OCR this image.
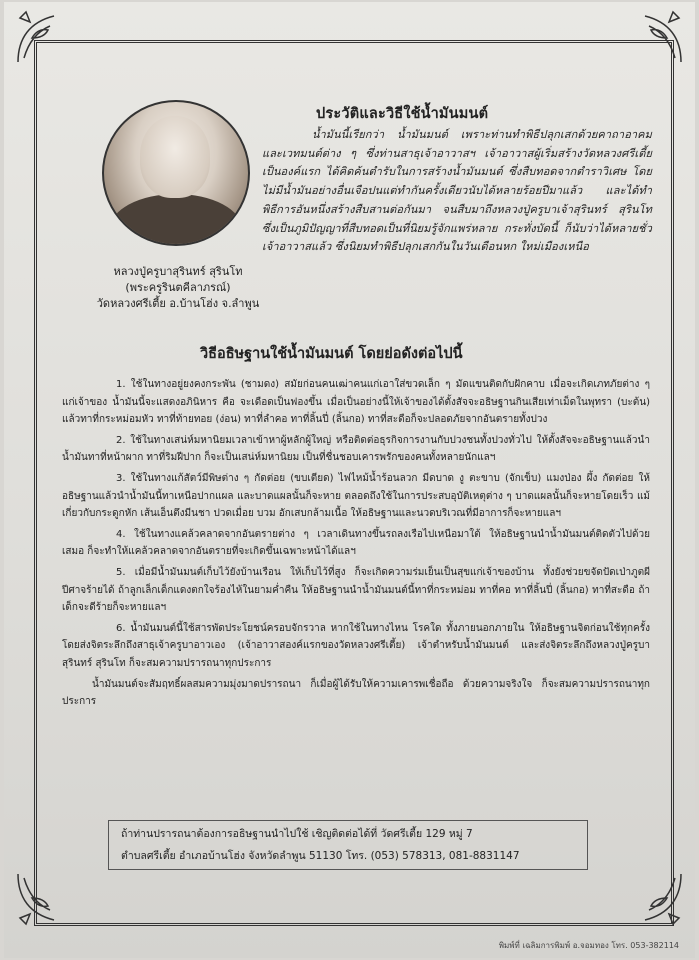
หลวงปู่ครูบาสุรินทร์ สุรินโท
(พระครูรินตคีลาภรณ์)
วัดหลวงศรีเตี้ย อ.บ้านโฮ่ง จ.ลำพูน
ประวัติและวิธีใช้น้ำมันมนต์
น้ำมันนี้เรียกว่า น้ำมันมนต์ เพราะท่านทำพิธีปลุกเสกด้วยคาถาอาคม และเวทมนต์ต่าง ๆ ซึ่งท่านสาธุเจ้าอาวาสฯ เจ้าอาวาสผู้เริ่มสร้างวัดหลวงศรีเตี้ยเป็นองค์แรก ได้คิดค้นตำรับในการสร้างน้ำมันมนต์ ซึ่งสืบทอดจากตำราวิเศษ โดยไม่มีน้ำมันอย่างอื่นเจือปนแต่ทำกันครั้งเดียวนับได้หลายร้อยปีมาแล้ว และได้ทำพิธีการอันหนึ่งสร้างสืบสานต่อกันมา จนสืบมาถึงหลวงปู่ครูบาเจ้าสุรินทร์ สุรินโท ซึ่งเป็นภูมิปัญญาที่สืบทอดเป็นที่นิยมรู้จักแพร่หลาย กระทั่งบัดนี้ ก็นับว่าได้หลายชั่วเจ้าอาวาสแล้ว ซึ่งนิยมทำพิธีปลุกเสกกันในวันเดือนหก ใหม่เมืองเหนือ
วิธีอธิษฐานใช้น้ำมันมนต์ โดยย่อดังต่อไปนี้

1. ใช้ในทางอยู่ยงคงกระพัน (ชามดง) สมัยก่อนคนเฒ่าคนแก่เอาใส่ขวดเล็ก ๆ มัดแขนติดกับฝักคาบ เมื่อจะเกิดเภทภัยต่าง ๆ แก่เจ้าของ น้ำมันนี้จะแสดงอภินิหาร คือ จะเดือดเป็นฟองขึ้น เมื่อเป็นอย่างนี้ให้เจ้าของได้ตั้งสัจจะอธิษฐานกินเสียเท่าเม็ดในพุทรา (บะต้น) แล้วทาที่กระหม่อมหัว ทาที่ท้ายทอย (ง่อน) ทาที่ลำคอ ทาที่ลิ้นปี่ (ลิ้นกอ) ทาที่สะดือก็จะปลอดภัยจากอันตรายทั้งปวง

2. ใช้ในทางเสน่ห์มหานิยมเวลาเข้าหาผู้หลักผู้ใหญ่ หรือติดต่อธุรกิจการงานกับปวงชนทั้งปวงทั่วไป ให้ตั้งสัจจะอธิษฐานแล้วนำน้ำมันทาที่หน้าผาก ทาที่ริมฝีปาก ก็จะเป็นเสน่ห์มหานิยม เป็นที่ชื่นชอบเคารพรักของคนทั้งหลายนักแลฯ

3. ใช้ในทางแก้สัตว์มีพิษต่าง ๆ กัดต่อย (ขบเตียด) ไฟไหม้น้ำร้อนลวก มีดบาด งู ตะขาบ (จักเข็บ) แมงป่อง ผึ้ง กัดต่อย ให้อธิษฐานแล้วนำน้ำมันนี้ทาเหนือปากแผล และบาดแผลนั้นก็จะหาย ตลอดถึงใช้ในการประสบอุบัติเหตุต่าง ๆ บาดแผลนั้นก็จะหายโดยเร็ว แม้เกี่ยวกับกระดูกหัก เส้นเอ็นตึงมีนชา ปวดเมื่อย บวม อักเสบกล้ามเนื้อ ให้อธิษฐานและนวดบริเวณที่มีอาการก็จะหายแลฯ

4. ใช้ในทางแคล้วคลาดจากอันตรายต่าง ๆ เวลาเดินทางขึ้นรถลงเรือไปเหนือมาใต้ ให้อธิษฐานนำน้ำมันมนต์ติดตัวไปด้วยเสมอ ก็จะทำให้แคล้วคลาดจากอันตรายที่จะเกิดขึ้นเฉพาะหน้าได้แลฯ

5. เมื่อมีน้ำมันมนต์เก็บไว้ยังบ้านเรือน ให้เก็บไว้ที่สูง ก็จะเกิดความร่มเย็นเป็นสุขแก่เจ้าของบ้าน ทั้งยังช่วยขจัดปัดเป่าภูตผีปีศาจร้ายได้ ถ้าลูกเล็กเด็กแดงตกใจร้องไห้ในยามค่ำคืน ให้อธิษฐานนำน้ำมันมนต์นี้ทาที่กระหม่อม ทาที่คอ ทาที่ลิ้นปี่ (ลิ้นกอ) ทาที่สะดือ ถ้าเด็กจะดีร้ายก็จะหายแลฯ

6. น้ำมันมนต์นี้ใช้สารพัดประโยชน์ครอบจักรวาล หากใช้ในทางไหน โรคใด ทั้งภายนอกภายใน ให้อธิษฐานจิตก่อนใช้ทุกครั้ง โดยส่งจิตระลึกถึงสาธุเจ้าครูบาอาวเอง (เจ้าอาวาสองค์แรกของวัดหลวงศรีเตี้ย) เจ้าตำหรับน้ำมันมนต์ และส่งจิตระลึกถึงหลวงปู่ครูบาสุรินทร์ สุรินโท ก็จะสมความปรารถนาทุกประการ

น้ำมันมนต์จะสัมฤทธิ์ผลสมความมุ่งมาดปรารถนา ก็เมื่อผู้ได้รับให้ความเคารพเชื่อถือ ด้วยความจริงใจ ก็จะสมความปรารถนาทุกประการ

ถ้าท่านปรารถนาต้องการอธิษฐานนำไปใช้ เชิญติดต่อได้ที่ วัดศรีเตี้ย 129 หมู่ 7
ตำบลศรีเตี้ย อำเภอบ้านโฮ่ง จังหวัดลำพูน 51130 โทร. (053) 578313, 081-8831147
พิมพ์ที่ เฉลิมการพิมพ์ อ.จอมทอง โทร. 053-382114
